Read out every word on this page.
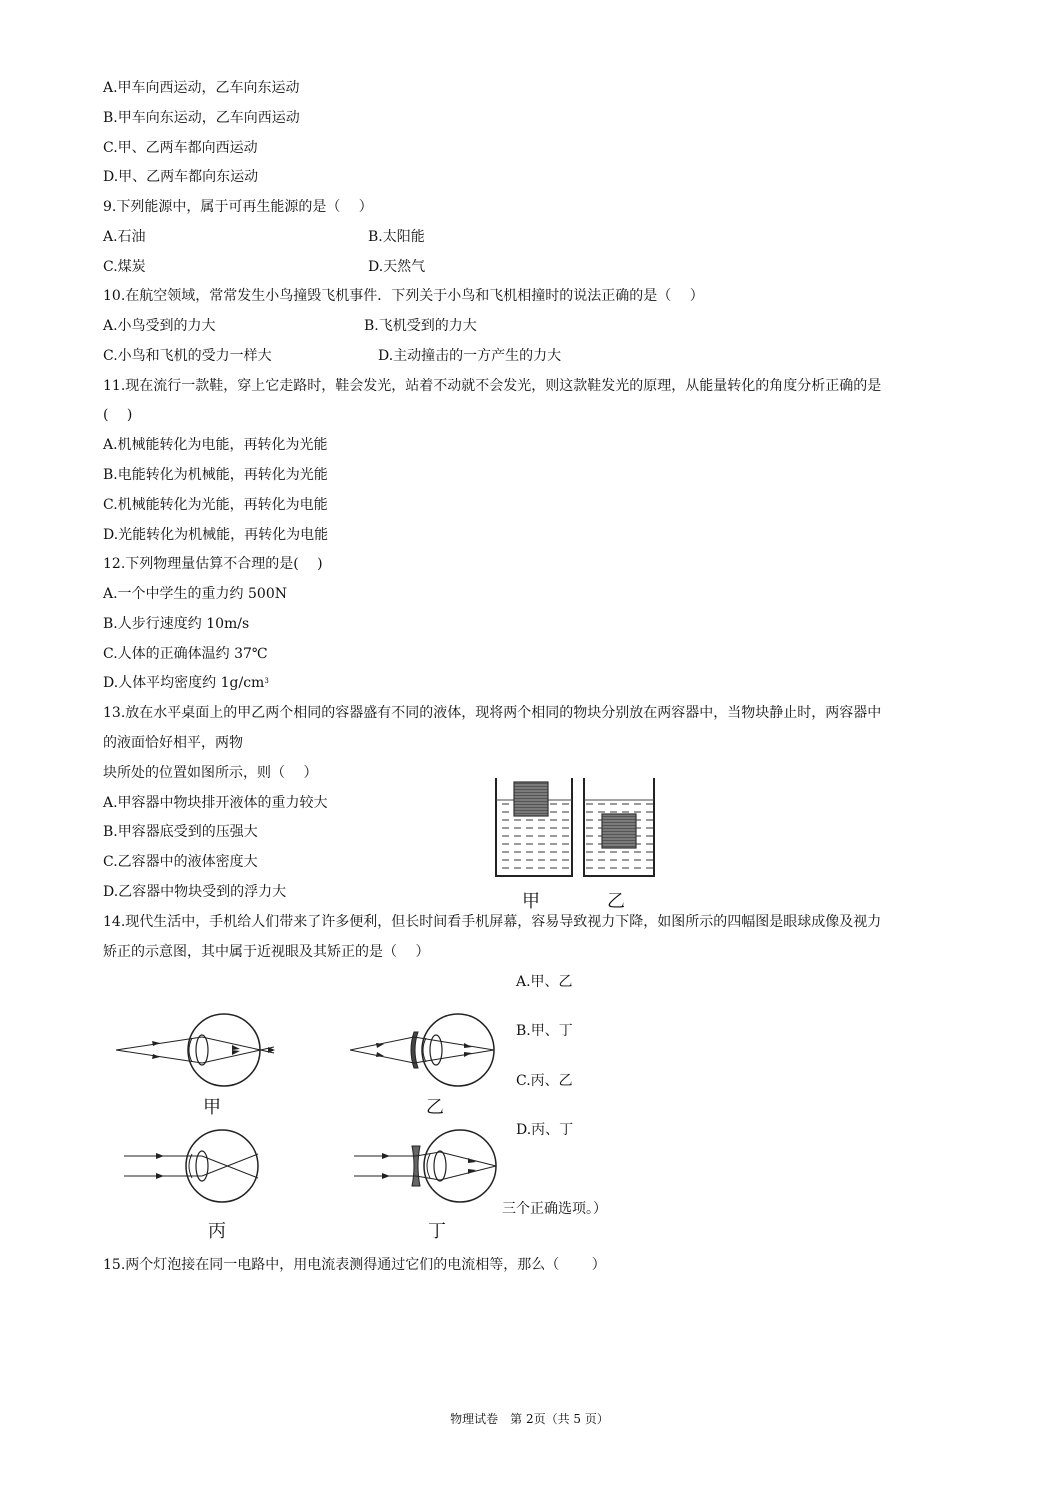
A.甲车向西运动，乙车向东运动
B.甲车向东运动，乙车向西运动
C.甲、乙两车都向西运动
D.甲、乙两车都向东运动
9.下列能源中，属于可再生能源的是（　 ）
A.石油	B.太阳能
C.煤炭	D.天然气
10.在航空领域，常常发生小鸟撞毁飞机事件．下列关于小鸟和飞机相撞时的说法正确的是（　 ）
A.小鸟受到的力大	B.飞机受到的力大
C.小鸟和飞机的受力一样大	D.主动撞击的一方产生的力大
11.现在流行一款鞋，穿上它走路时，鞋会发光，站着不动就不会发光，则这款鞋发光的原理，从能量转化的角度分析正确的是
(　 )
A.机械能转化为电能，再转化为光能
B.电能转化为机械能，再转化为光能
C.机械能转化为光能，再转化为电能
D.光能转化为机械能，再转化为电能
12.下列物理量估算不合理的是(　 )
A.一个中学生的重力约 500N
B.人步行速度约 10m/s
C.人体的正确体温约 37℃
D.人体平均密度约 $1g/cm^3$
13.放在水平桌面上的甲乙两个相同的容器盛有不同的液体，现将两个相同的物块分别放在两容器中，当物块静止时，两容器中
的液面恰好相平，两物
块所处的位置如图所示，则（　 ）
A.甲容器中物块排开液体的重力较大
B.甲容器底受到的压强大
C.乙容器中的液体密度大
D.乙容器中物块受到的浮力大	甲	乙
14.现代生活中，手机给人们带来了许多便利，但长时间看手机屏幕，容易导致视力下降，如图所示的四幅图是眼球成像及视力
矫正的示意图，其中属于近视眼及其矫正的是（　 ）
A.甲、乙
B.甲、丁
C.丙、乙
D.丙、丁
三个正确选项。）
甲	乙
丙	丁
15.两个灯泡接在同一电路中，用电流表测得通过它们的电流相等，那么（　　 ）
物理试卷　第 2页（共 5 页）
